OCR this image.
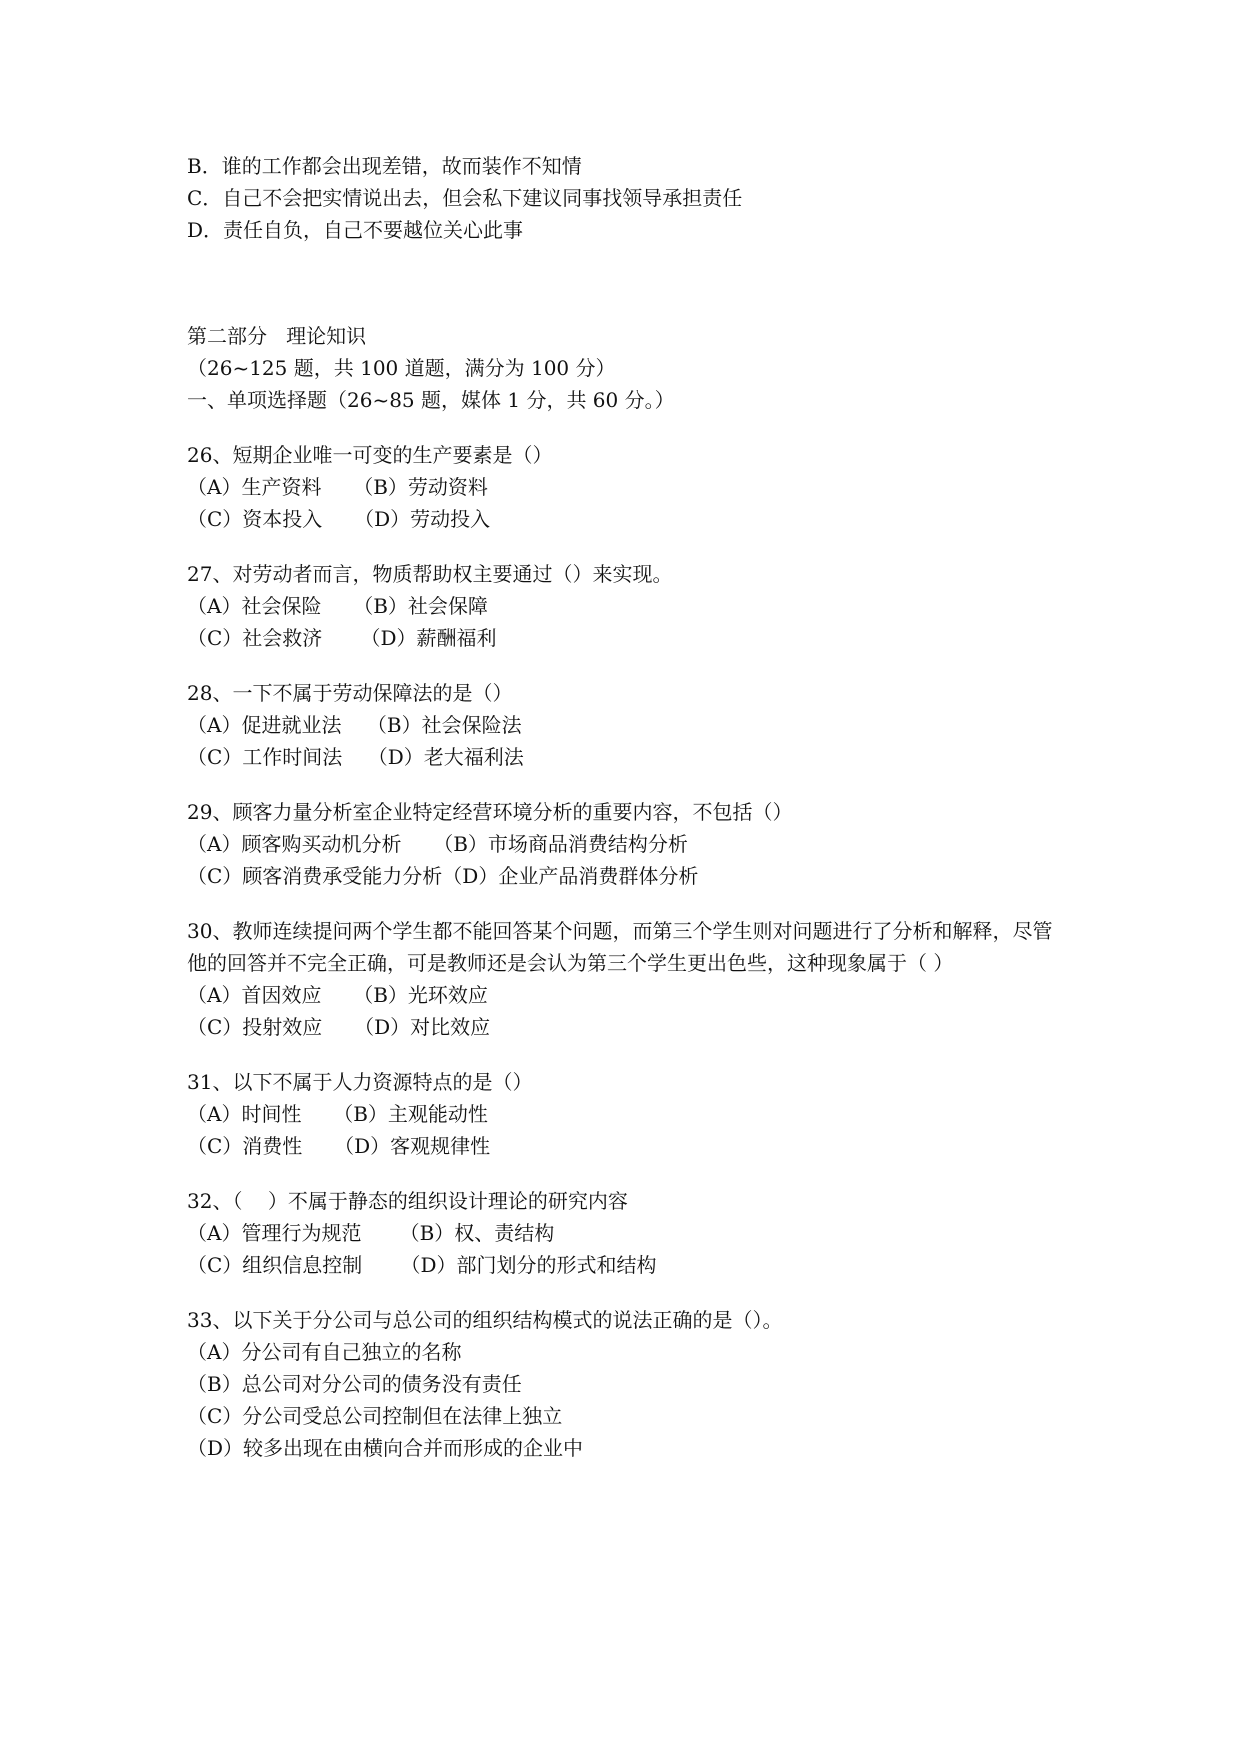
B．谁的工作都会出现差错，故而装作不知情
C．自己不会把实情说出去，但会私下建议同事找领导承担责任
D．责任自负，自己不要越位关心此事
第二部分   理论知识
（26~125 题，共 100 道题，满分为 100 分）
一、单项选择题（26~85 题，媒体 1 分，共 60 分。）
26、短期企业唯一可变的生产要素是（）
（A）生产资料     （B）劳动资料
（C）资本投入     （D）劳动投入
27、对劳动者而言，物质帮助权主要通过（）来实现。
（A）社会保险     （B）社会保障
（C）社会救济      （D）薪酬福利
28、一下不属于劳动保障法的是（）
（A）促进就业法    （B）社会保险法
（C）工作时间法    （D）老大福利法
29、顾客力量分析室企业特定经营环境分析的重要内容，不包括（）
（A）顾客购买动机分析     （B）市场商品消费结构分析
（C）顾客消费承受能力分析（D）企业产品消费群体分析
30、教师连续提问两个学生都不能回答某个问题，而第三个学生则对问题进行了分析和解释，尽管他的回答并不完全正确，可是教师还是会认为第三个学生更出色些，这种现象属于（ ）
（A）首因效应     （B）光环效应
（C）投射效应     （D）对比效应
31、以下不属于人力资源特点的是（）
（A）时间性     （B）主观能动性
（C）消费性     （D）客观规律性
32、（    ）不属于静态的组织设计理论的研究内容
（A）管理行为规范      （B）权、责结构
（C）组织信息控制      （D）部门划分的形式和结构
33、以下关于分公司与总公司的组织结构模式的说法正确的是（）。
（A）分公司有自己独立的名称
（B）总公司对分公司的债务没有责任
（C）分公司受总公司控制但在法律上独立
（D）较多出现在由横向合并而形成的企业中
